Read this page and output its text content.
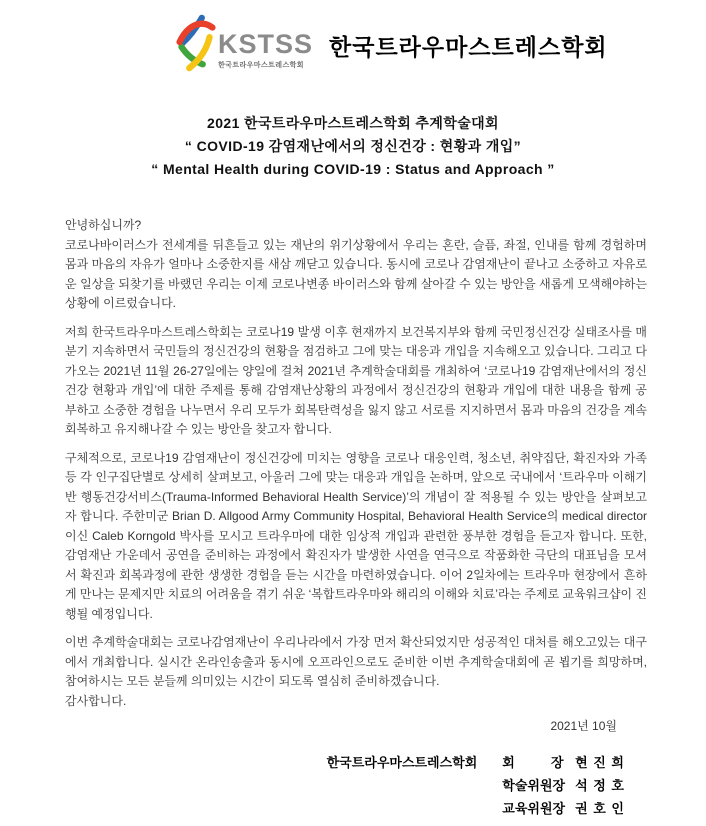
KSTSS
한국트라우마스트레스학회
한국트라우마스트레스학회
2021 한국트라우마스트레스학회 추계학술대회
“ COVID-19 감염재난에서의 정신건강 : 현황과 개입”
“ Mental Health during COVID-19 : Status and Approach ”

안녕하십니까?

코로나바이러스가 전세계를 뒤흔들고 있는 재난의 위기상황에서 우리는 혼란, 슬픔, 좌절, 인내를 함께 경험하며 몸과 마음의 자유가 얼마나 소중한지를 새삼 깨닫고 있습니다. 동시에 코로나 감염재난이 끝나고 소중하고 자유로운 일상을 되찾기를 바랬던 우리는 이제 코로나변종 바이러스와 함께 살아갈 수 있는 방안을 새롭게 모색해야하는 상황에 이르렀습니다.

저희 한국트라우마스트레스학회는 코로나19 발생 이후 현재까지 보건복지부와 함께 국민정신건강 실태조사를 매 분기 지속하면서 국민들의 정신건강의 현황을 점검하고 그에 맞는 대응과 개입을 지속해오고 있습니다. 그리고 다가오는 2021년 11월 26-27일에는 양일에 걸쳐 2021년 추계학술대회를 개최하여 ‘코로나19 감염재난에서의 정신건강 현황과 개입’에 대한 주제를 통해 감염재난상황의 과정에서 정신건강의 현황과 개입에 대한 내용을 함께 공부하고 소중한 경험을 나누면서 우리 모두가 회복탄력성을 잃지 않고 서로를 지지하면서 몸과 마음의 건강을 계속 회복하고 유지해나갈 수 있는 방안을 찾고자 합니다.

구체적으로, 코로나19 감염재난이 정신건강에 미치는 영향을 코로나 대응인력, 청소년, 취약집단, 확진자와 가족 등 각 인구집단별로 상세히 살펴보고, 아울러 그에 맞는 대응과 개입을 논하며, 앞으로 국내에서 ‘트라우마 이해기반 행동건강서비스(Trauma-Informed Behavioral Health Service)’의 개념이 잘 적용될 수 있는 방안을 살펴보고자 합니다. 주한미군 Brian D. Allgood Army Community Hospital, Behavioral Health Service의 medical director이신 Caleb Korngold 박사를 모시고 트라우마에 대한 임상적 개입과 관련한 풍부한 경험을 듣고자 합니다. 또한, 감염재난 가운데서 공연을 준비하는 과정에서 확진자가 발생한 사연을 연극으로 작품화한 극단의 대표님을 모셔서 확진과 회복과정에 관한 생생한 경험을 듣는 시간을 마련하였습니다. 이어 2일차에는 트라우마 현장에서 흔하게 만나는 문제지만 치료의 어려움을 겪기 쉬운 ‘복합트라우마와 해리의 이해와 치료’라는 주제로 교육워크샵이 진행될 예정입니다.

이번 추계학술대회는 코로나감염재난이 우리나라에서 가장 먼저 확산되었지만 성공적인 대처를 해오고있는 대구에서 개최합니다. 실시간 온라인송출과 동시에 오프라인으로도 준비한 이번 추계학술대회에 곧 뵙기를 희망하며, 참여하시는 모든 분들께 의미있는 시간이 되도록 열심히 준비하겠습니다.

감사합니다.

2021년 10월
한국트라우마스트레스학회	회          장 현 진 희
학술위원장 석 정 호
교육위원장 권 호 인
